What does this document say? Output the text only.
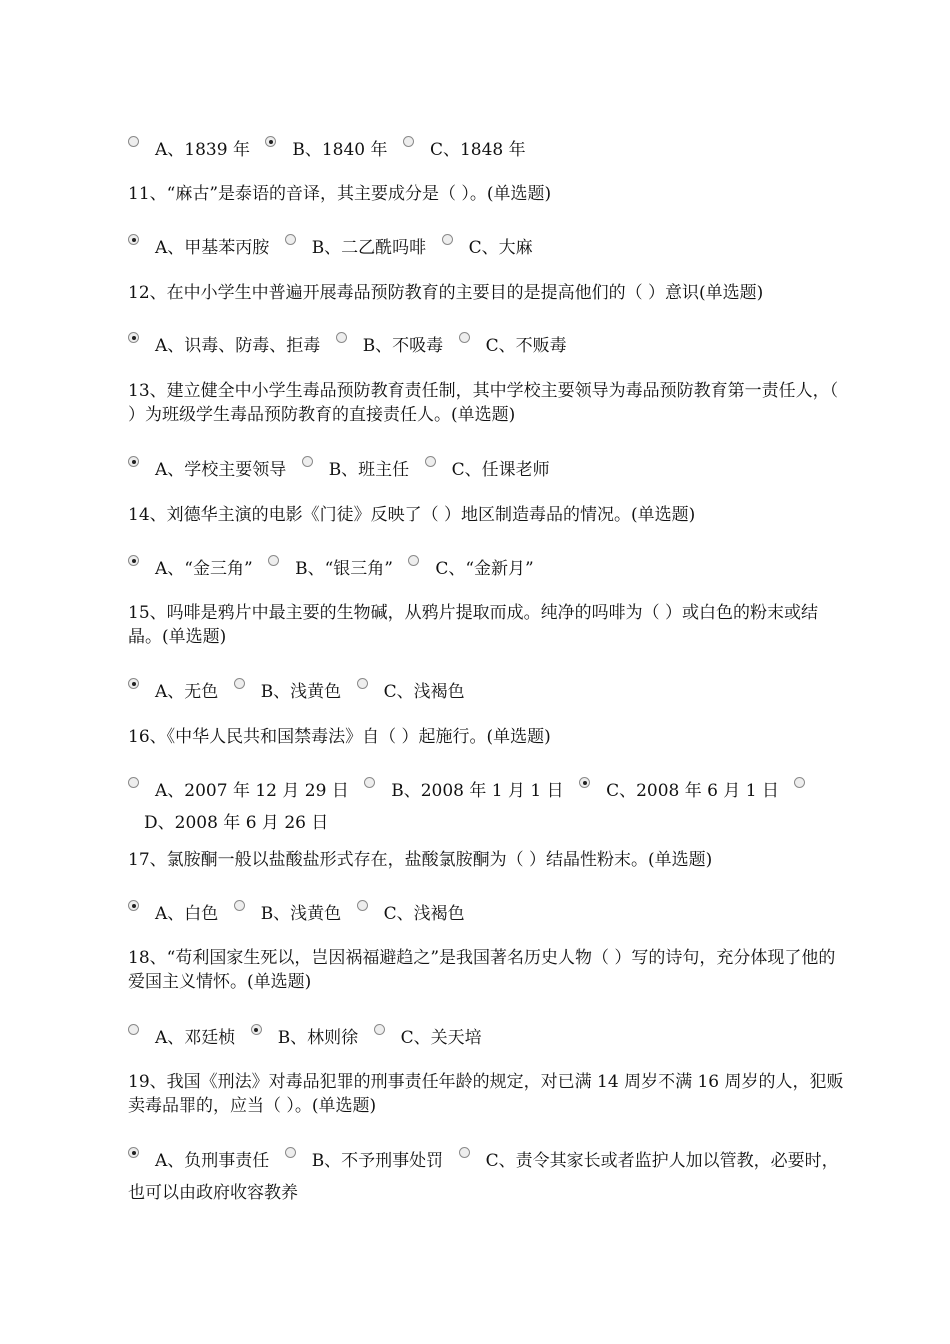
A、1839 年 B、1840 年 C、1848 年
11、“麻古”是泰语的音译，其主要成分是（ ）。(单选题)
A、甲基苯丙胺 B、二乙酰吗啡 C、大麻
12、在中小学生中普遍开展毒品预防教育的主要目的是提高他们的（ ）意识(单选题)
A、识毒、防毒、拒毒 B、不吸毒 C、不贩毒
13、建立健全中小学生毒品预防教育责任制，其中学校主要领导为毒品预防教育第一责任人，（ ）为班级学生毒品预防教育的直接责任人。(单选题)
A、学校主要领导 B、班主任 C、任课老师
14、刘德华主演的电影《门徒》反映了（ ）地区制造毒品的情况。(单选题)
A、“金三角” B、“银三角” C、“金新月”
15、吗啡是鸦片中最主要的生物碱，从鸦片提取而成。纯净的吗啡为（ ）或白色的粉末或结晶。(单选题)
A、无色 B、浅黄色 C、浅褐色
16、《中华人民共和国禁毒法》自（ ）起施行。(单选题)
A、2007 年 12 月 29 日 B、2008 年 1 月 1 日 C、2008 年 6 月 1 日 D、2008 年 6 月 26 日
17、氯胺酮一般以盐酸盐形式存在，盐酸氯胺酮为（ ）结晶性粉末。(单选题)
A、白色 B、浅黄色 C、浅褐色
18、“苟利国家生死以，岂因祸福避趋之”是我国著名历史人物（ ）写的诗句，充分体现了他的爱国主义情怀。(单选题)
A、邓廷桢 B、林则徐 C、关天培
19、我国《刑法》对毒品犯罪的刑事责任年龄的规定，对已满 14 周岁不满 16 周岁的人，犯贩卖毒品罪的，应当（ ）。(单选题)
A、负刑事责任 B、不予刑事处罚 C、责令其家长或者监护人加以管教，必要时，也可以由政府收容教养
